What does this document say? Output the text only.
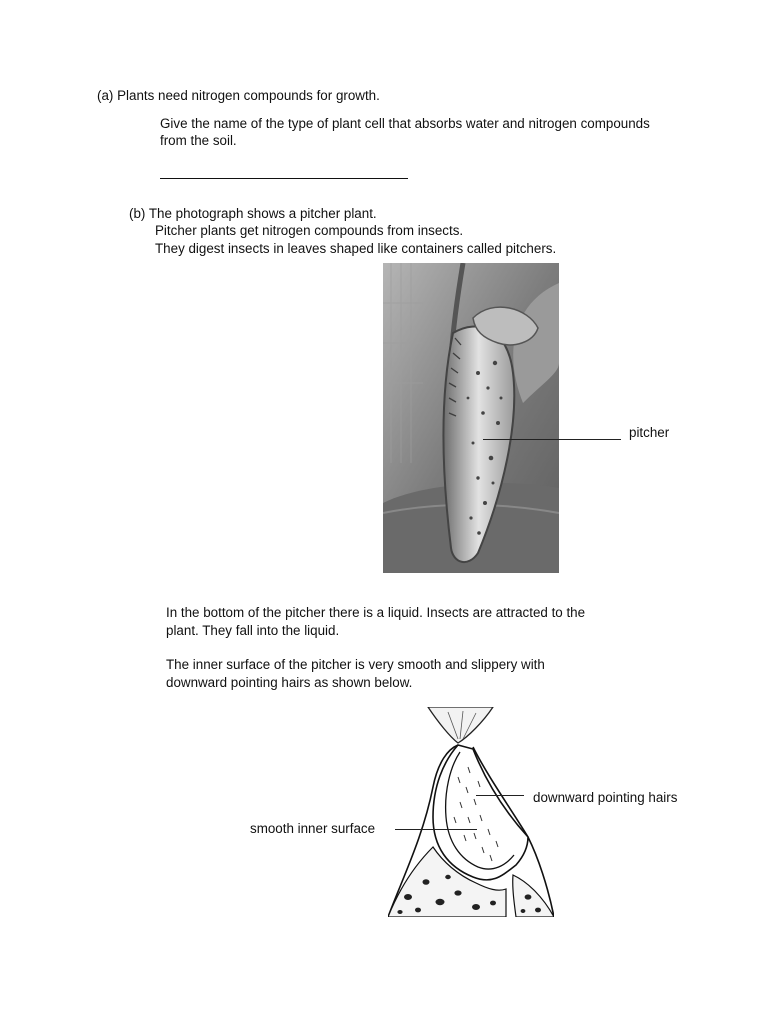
(a) Plants need nitrogen compounds for growth.
Give the name of the type of plant cell that absorbs water and nitrogen compounds
from the soil.
(b) The photograph shows a pitcher plant.
Pitcher plants get nitrogen compounds from insects.
They digest insects in leaves shaped like containers called pitchers.
pitcher
In the bottom of the pitcher there is a liquid. Insects are attracted to the
plant. They fall into the liquid.
The inner surface of the pitcher is very smooth and slippery with
downward pointing hairs as shown below.
downward pointing hairs
smooth inner surface
